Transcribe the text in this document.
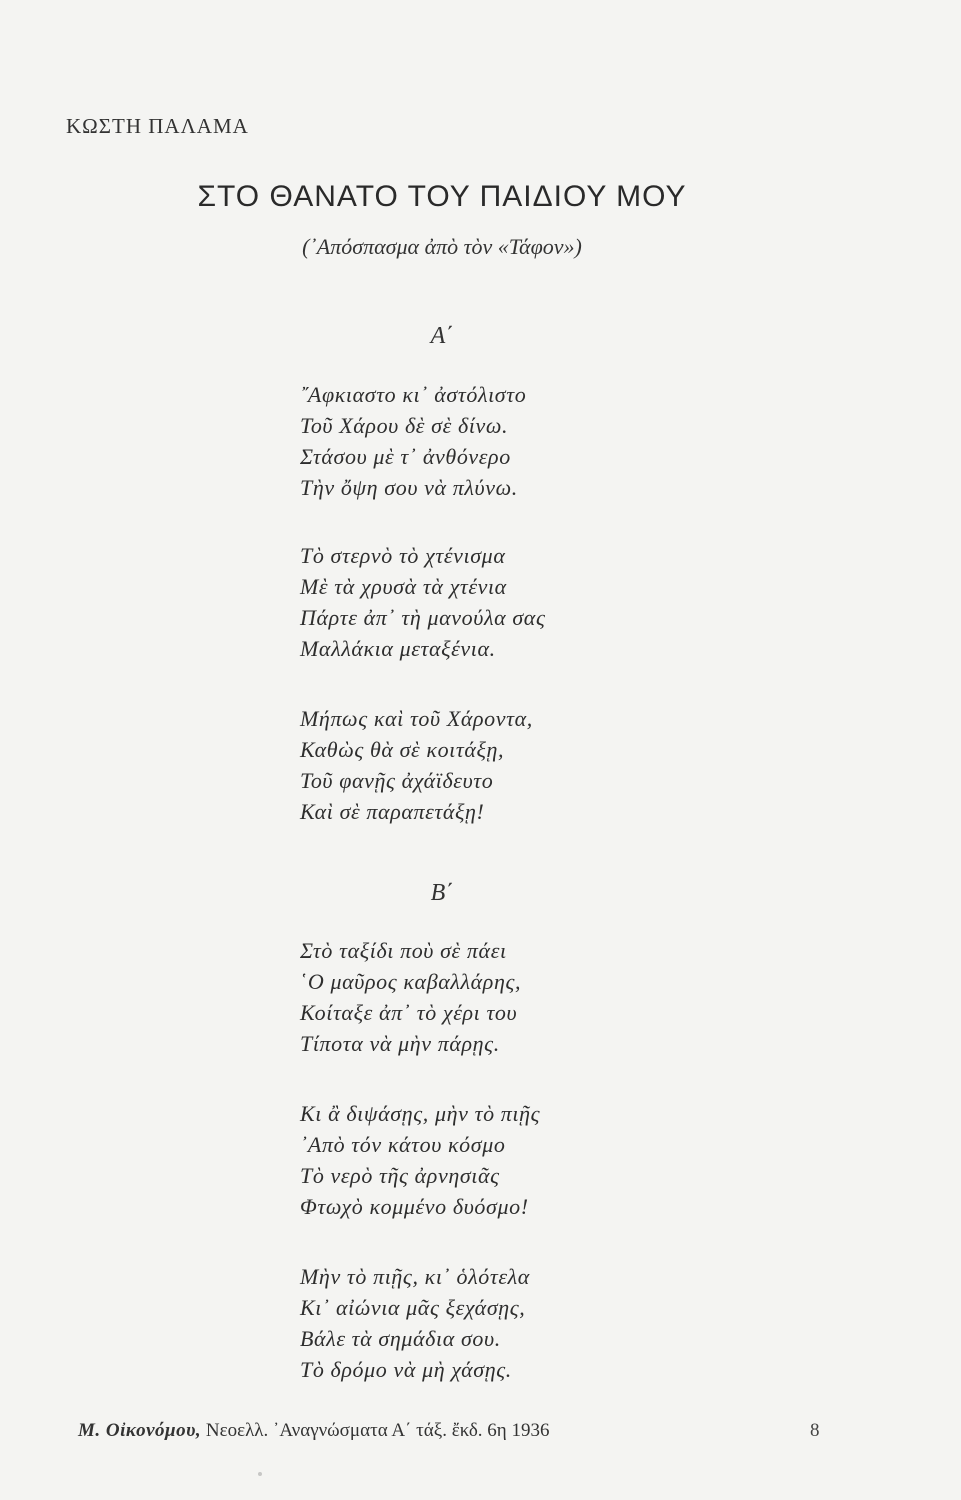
ΚΩΣΤΗ ΠΑΛΑΜΑ
ΣΤΟ ΘΑΝΑΤΟ ΤΟΥ ΠΑΙΔΙΟΥ ΜΟΥ
(᾿Απόσπασμα ἀπὸ τὸν «Τάφον»)
Α΄
῎Αφκιαστο κι᾿ ἀστόλιστο
Τοῦ Χάρου δὲ σὲ δίνω.
Στάσου μὲ τ᾿ ἀνθόνερο
Τὴν ὄψη σου νὰ πλύνω.
Τὸ στερνὸ τὸ χτένισμα
Μὲ τὰ χρυσὰ τὰ χτένια
Πάρτε ἀπ᾿ τὴ μανούλα σας
Μαλλάκια μεταξένια.
Μήπως καὶ τοῦ Χάροντα,
Καθὼς θὰ σὲ κοιτάξῃ,
Τοῦ φανῇς ἀχάϊδευτο
Καὶ σὲ παραπετάξῃ!
Β΄
Στὸ ταξίδι ποὺ σὲ πάει
῾Ο μαῦρος καβαλλάρης,
Κοίταξε ἀπ᾿ τὸ χέρι του
Τίποτα νὰ μὴν πάρῃς.
Κι ἂ διψάσῃς, μὴν τὸ πιῇς
᾿Απὸ τόν κάτου κόσμο
Τὸ νερὸ τῆς ἀρνησιᾶς
Φτωχὸ κομμένο δυόσμο!
Μὴν τὸ πιῇς, κι᾿ ὁλότελα
Κι᾿ αἰώνια μᾶς ξεχάσῃς,
Βάλε τὰ σημάδια σου.
Τὸ δρόμο νὰ μὴ χάσῃς.
Μ. Οἰκονόμου, Νεοελλ. ᾿Αναγνώσματα Α΄ τάξ. ἔκδ. 6η 1936	8
